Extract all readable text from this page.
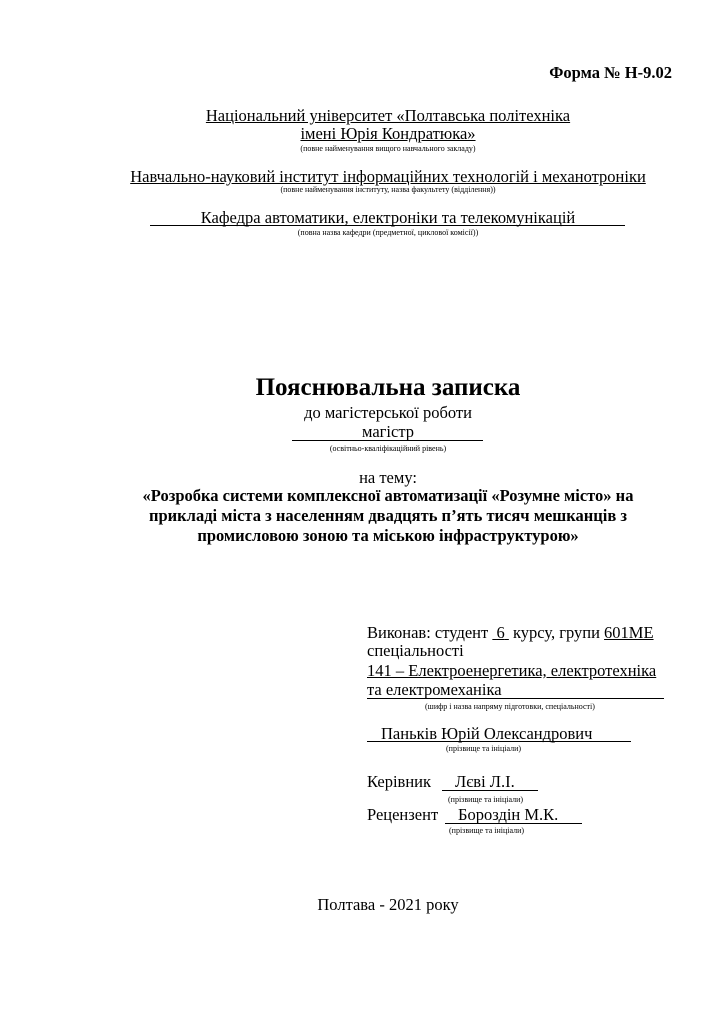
Форма № Н-9.02
Національний університет «Полтавська політехніка
імені Юрія Кондратюка»
(повне найменування вищого навчального закладу)
Навчально-науковий інститут інформаційних технологій і механотроніки
(повне найменування інституту, назва факультету (відділення))
Кафедра автоматики, електроніки та телекомунікацій
(повна назва кафедри (предметної, циклової комісії))
Пояснювальна записка
до магістерської роботи
магістр
(освітньо-кваліфікаційний рівень)
на тему:
«Розробка системи комплексної автоматизації «Розумне місто» на
прикладі міста з населенням двадцять п’ять тисяч мешканців з
промисловою зоною та міською інфраструктурою»
Виконав: студент 6 курсу, групи 601МЕ
спеціальності
141 – Електроенергетика, електротехніка
та електромеханіка
(шифр і назва напряму підготовки, спеціальності)
Паньків Юрій Олександрович
(прізвище та ініціали)
Керівник Лєві Л.І.
(прізвище та ініціали)
Рецензент Бороздін М.К.
(прізвище та ініціали)
Полтава - 2021 року
